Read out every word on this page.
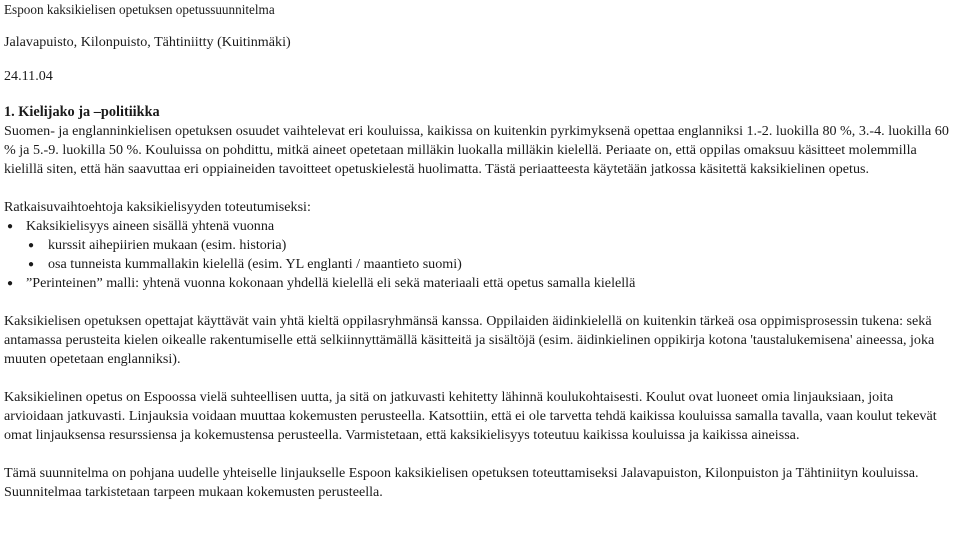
Espoon kaksikielisen opetuksen opetussuunnitelma
Jalavapuisto, Kilonpuisto, Tähtiniitty (Kuitinmäki)
24.11.04
1. Kielijako ja –politiikka

Suomen- ja englanninkielisen opetuksen osuudet vaihtelevat eri kouluissa, kaikissa on kuitenkin pyrkimyksenä opettaa englanniksi 1.-2. luokilla 80 %, 3.-4. luokilla 60 % ja 5.-9. luokilla 50 %. Kouluissa on pohdittu, mitkä aineet opetetaan milläkin luokalla milläkin kielellä. Periaate on, että oppilas omaksuu käsitteet molemmilla kielillä siten, että hän saavuttaa eri oppiaineiden tavoitteet opetuskielestä huolimatta. Tästä periaatteesta käytetään jatkossa käsitettä kaksikielinen opetus.

Ratkaisuvaihtoehtoja kaksikielisyyden toteutumiseksi:

● Kaksikielisyys aineen sisällä yhtenä vuonna
● kurssit aihepiirien mukaan (esim. historia)
● osa tunneista kummallakin kielellä (esim. YL englanti / maantieto suomi)
● ”Perinteinen” malli: yhtenä vuonna kokonaan yhdellä kielellä eli sekä materiaali että opetus samalla kielellä

Kaksikielisen opetuksen opettajat käyttävät vain yhtä kieltä oppilasryhmänsä kanssa. Oppilaiden äidinkielellä on kuitenkin tärkeä osa oppimisprosessin tukena: sekä antamassa perusteita kielen oikealle rakentumiselle että selkiinnyttämällä käsitteitä ja sisältöjä (esim. äidinkielinen oppikirja kotona 'taustalukemisena' aineessa, joka muuten opetetaan englanniksi).

Kaksikielinen opetus on Espoossa vielä suhteellisen uutta, ja sitä on jatkuvasti kehitetty lähinnä koulukohtaisesti. Koulut ovat luoneet omia linjauksiaan, joita arvioidaan jatkuvasti. Linjauksia voidaan muuttaa kokemusten perusteella. Katsottiin, että ei ole tarvetta tehdä kaikissa kouluissa samalla tavalla, vaan koulut tekevät omat linjauksensa resurssiensa ja kokemustensa perusteella. Varmistetaan, että kaksikielisyys toteutuu kaikissa kouluissa ja kaikissa aineissa.

Tämä suunnitelma on pohjana uudelle yhteiselle linjaukselle Espoon kaksikielisen opetuksen toteuttamiseksi Jalavapuiston, Kilonpuiston ja Tähtiniityn kouluissa. Suunnitelmaa tarkistetaan tarpeen mukaan kokemusten perusteella.
